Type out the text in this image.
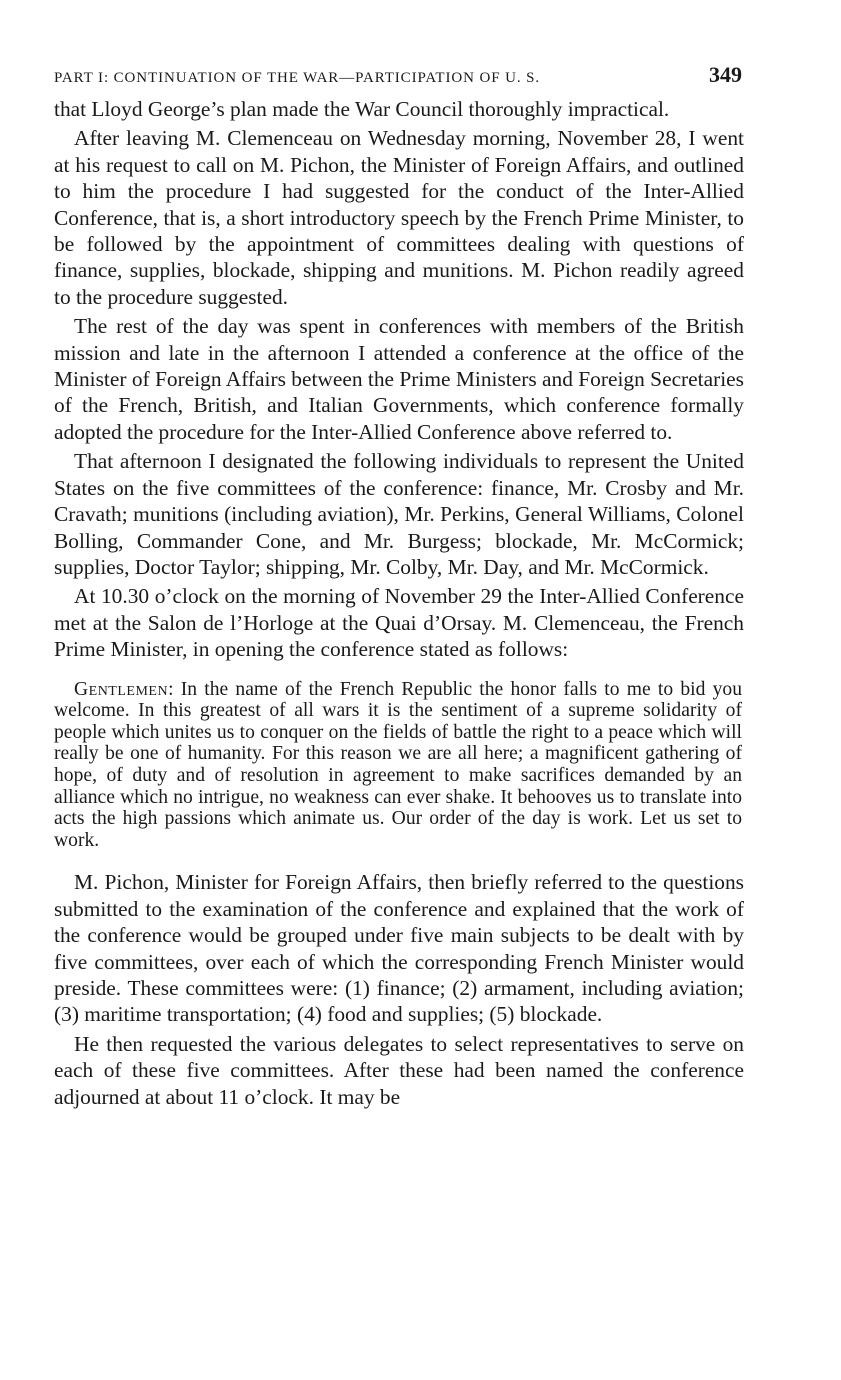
PART I: CONTINUATION OF THE WAR—PARTICIPATION OF U. S.	349

that Lloyd George’s plan made the War Council thoroughly impractical.

After leaving M. Clemenceau on Wednesday morning, November 28, I went at his request to call on M. Pichon, the Minister of Foreign Affairs, and outlined to him the procedure I had suggested for the conduct of the Inter-Allied Conference, that is, a short introductory speech by the French Prime Minister, to be followed by the appointment of committees dealing with questions of finance, supplies, blockade, shipping and munitions. M. Pichon readily agreed to the procedure suggested.

The rest of the day was spent in conferences with members of the British mission and late in the afternoon I attended a conference at the office of the Minister of Foreign Affairs between the Prime Ministers and Foreign Secretaries of the French, British, and Italian Governments, which conference formally adopted the procedure for the Inter-Allied Conference above referred to.

That afternoon I designated the following individuals to represent the United States on the five committees of the conference: finance, Mr. Crosby and Mr. Cravath; munitions (including aviation), Mr. Perkins, General Williams, Colonel Bolling, Commander Cone, and Mr. Burgess; blockade, Mr. McCormick; supplies, Doctor Taylor; shipping, Mr. Colby, Mr. Day, and Mr. McCormick.

At 10.30 o’clock on the morning of November 29 the Inter-Allied Conference met at the Salon de l’Horloge at the Quai d’Orsay. M. Clemenceau, the French Prime Minister, in opening the conference stated as follows:

Gentlemen: In the name of the French Republic the honor falls to me to bid you welcome. In this greatest of all wars it is the sentiment of a supreme solidarity of people which unites us to conquer on the fields of battle the right to a peace which will really be one of humanity. For this reason we are all here; a magnificent gathering of hope, of duty and of resolution in agreement to make sacrifices demanded by an alliance which no intrigue, no weakness can ever shake. It behooves us to translate into acts the high passions which animate us. Our order of the day is work. Let us set to work.

M. Pichon, Minister for Foreign Affairs, then briefly referred to the questions submitted to the examination of the conference and explained that the work of the conference would be grouped under five main subjects to be dealt with by five committees, over each of which the corresponding French Minister would preside. These committees were: (1) finance; (2) armament, including aviation; (3) maritime transportation; (4) food and supplies; (5) blockade.

He then requested the various delegates to select representatives to serve on each of these five committees. After these had been named the conference adjourned at about 11 o’clock. It may be
